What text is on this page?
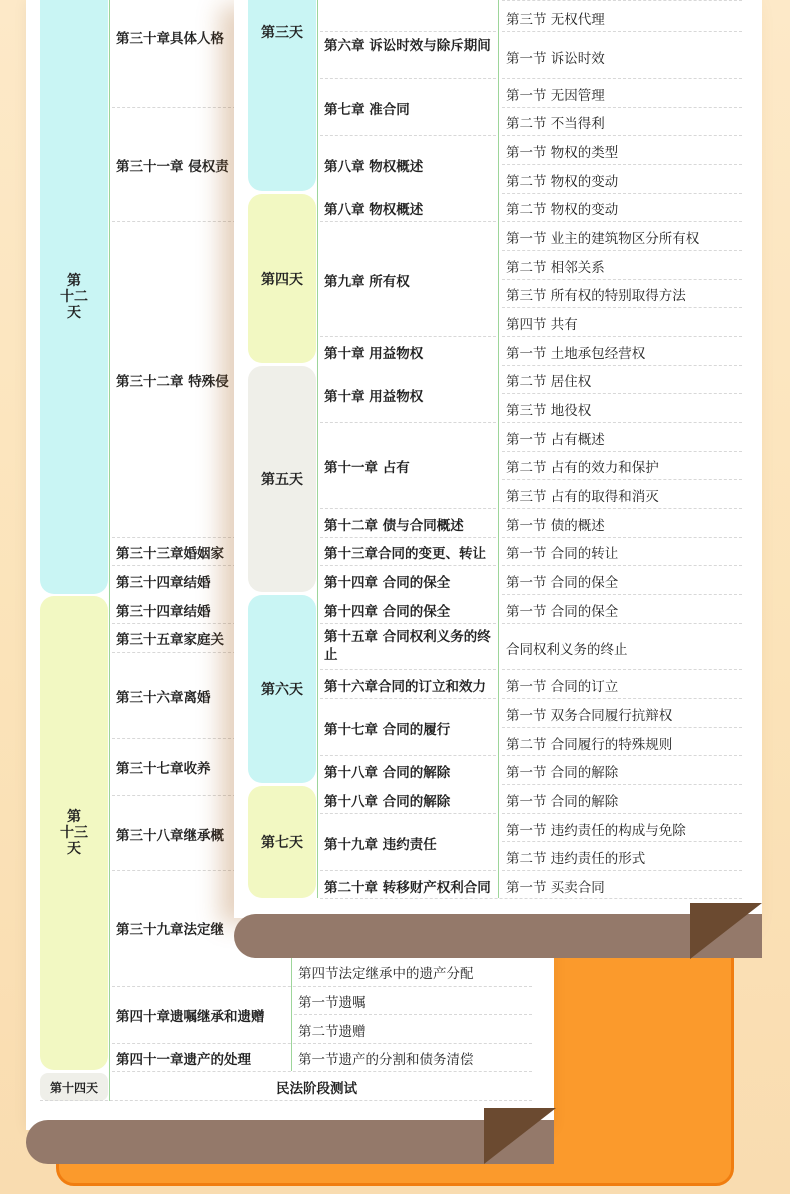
第
十二
天
第
十三
天
第十四天
第三十章具体人格
第三十一章 侵权责
第三十二章 特殊侵
第三十三章婚姻家
第三十四章结婚
第三十四章结婚
第三十五章家庭关
第三十六章离婚
第三十七章收养
第三十八章继承概
第三十九章法定继
第四十章遗嘱继承和遗赠
第四十一章遗产的处理
第四节法定继承中的遗产分配
第一节遗嘱
第二节遗赠
第一节遗产的分割和债务清偿
民法阶段测试
第三天
第四天
第五天
第六天
第七天
第六章 诉讼时效与除斥期间
第七章 准合同
第八章 物权概述
第八章 物权概述
第九章 所有权
第十章 用益物权
第十章 用益物权
第十一章 占有
第十二章 债与合同概述
第十三章合同的变更、转让
第十四章 合同的保全
第十四章 合同的保全
第十五章 合同权利义务的终止
第十六章合同的订立和效力
第十七章 合同的履行
第十八章 合同的解除
第十八章 合同的解除
第十九章 违约责任
第二十章 转移财产权利合同
第三节 无权代理
第一节 诉讼时效
第一节 无因管理
第二节 不当得利
第一节 物权的类型
第二节 物权的变动
第二节 物权的变动
第一节 业主的建筑物区分所有权
第二节 相邻关系
第三节 所有权的特别取得方法
第四节 共有
第一节 土地承包经营权
第二节 居住权
第三节 地役权
第一节 占有概述
第二节 占有的效力和保护
第三节 占有的取得和消灭
第一节 债的概述
第一节 合同的转让
第一节 合同的保全
第一节 合同的保全
合同权利义务的终止
第一节 合同的订立
第一节 双务合同履行抗辩权
第二节 合同履行的特殊规则
第一节 合同的解除
第一节 合同的解除
第一节 违约责任的构成与免除
第二节 违约责任的形式
第一节 买卖合同
